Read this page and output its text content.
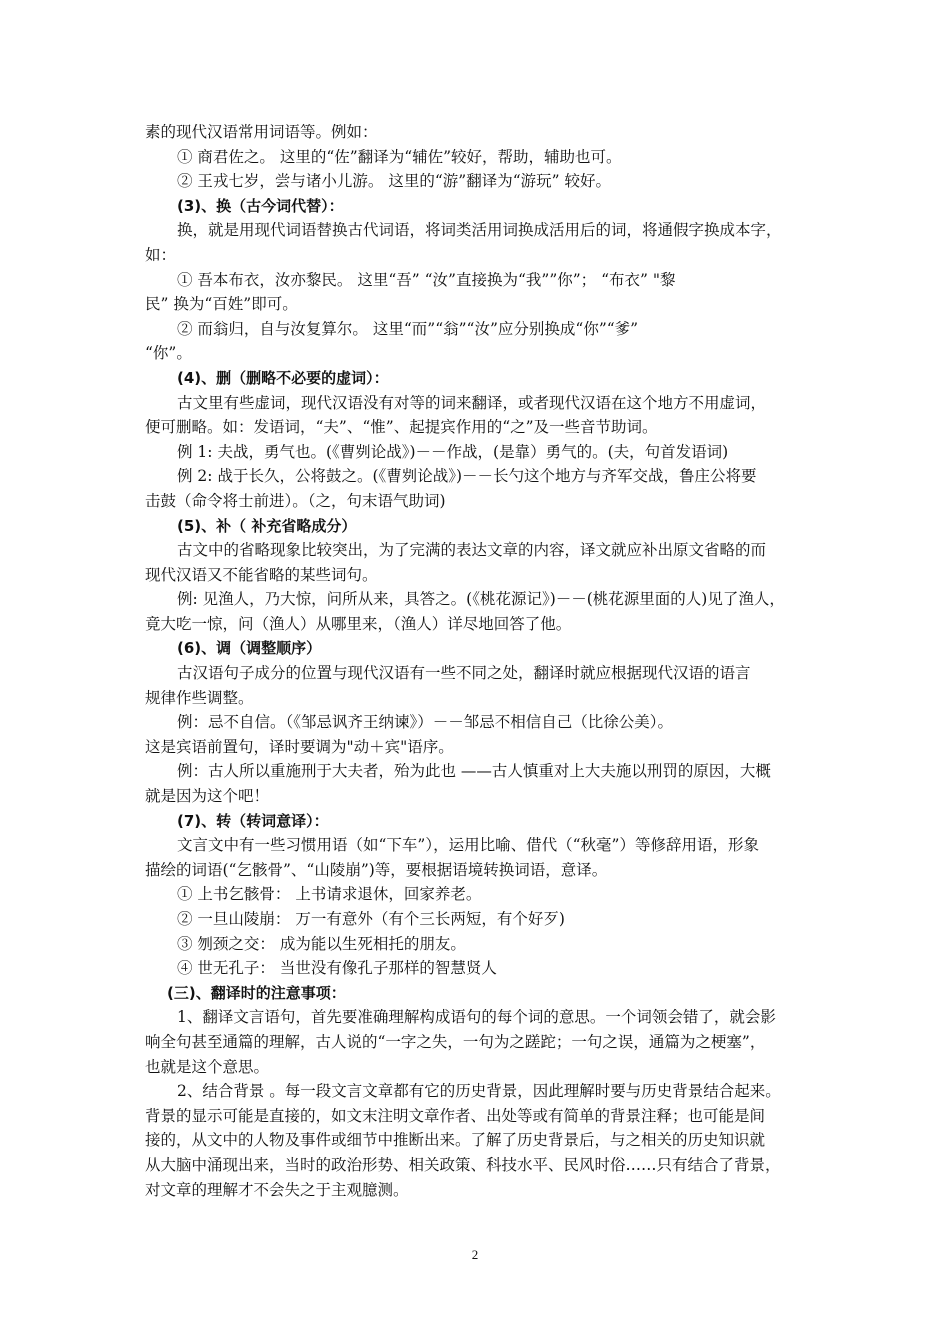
素的现代汉语常用词语等。例如：
① 商君佐之。 这里的“佐”翻译为“辅佐”较好，帮助，辅助也可。
② 王戎七岁，尝与诸小儿游。 这里的“游”翻译为“游玩” 较好。
(3)、换（古今词代替）：
换，就是用现代词语替换古代词语，将词类活用词换成活用后的词，将通假字换成本字，
如：
① 吾本布衣，汝亦黎民。 这里“吾” “汝”直接换为“我””你”； “布衣” "黎
民” 换为“百姓”即可。
② 而翁归，自与汝复算尔。 这里“而”“翁”“汝”应分别换成“你”“爹”
“你”。
(4)、删（删略不必要的虚词）：
古文里有些虚词，现代汉语没有对等的词来翻译，或者现代汉语在这个地方不用虚词，
便可删略。如：发语词，“夫”、“惟”、起提宾作用的“之”及一些音节助词。
例 1: 夫战，勇气也。(《曹刿论战》)－－作战，(是靠）勇气的。(夫，句首发语词)
例 2: 战于长久，公将鼓之。(《曹刿论战》)－－长勺这个地方与齐军交战，鲁庄公将要
击鼓（命令将士前进）。（之，句末语气助词)
(5)、补（ 补充省略成分）
古文中的省略现象比较突出，为了完满的表达文章的内容，译文就应补出原文省略的而
现代汉语又不能省略的某些词句。
例: 见渔人，乃大惊，问所从来，具答之。(《桃花源记》)－－(桃花源里面的人)见了渔人，
竟大吃一惊，问（渔人）从哪里来，（渔人）详尽地回答了他。
(6)、调（调整顺序）
古汉语句子成分的位置与现代汉语有一些不同之处，翻译时就应根据现代汉语的语言
规律作些调整。
例：忌不自信。（《邹忌讽齐王纳谏》）－－邹忌不相信自己（比徐公美）。
这是宾语前置句，译时要调为"动＋宾"语序。
例：古人所以重施刑于大夫者，殆为此也 ——古人慎重对上大夫施以刑罚的原因，大概
就是因为这个吧！
(7)、转（转词意译）：
文言文中有一些习惯用语（如“下车”），运用比喻、借代（“秋毫”）等修辞用语，形象
描绘的词语(“乞骸骨”、“山陵崩”)等，要根据语境转换词语，意译。
① 上书乞骸骨： 上书请求退休，回家养老。
② 一旦山陵崩： 万一有意外（有个三长两短，有个好歹)
③ 刎颈之交： 成为能以生死相托的朋友。
④ 世无孔子： 当世没有像孔子那样的智慧贤人
(三)、翻译时的注意事项：
1、翻译文言语句，首先要准确理解构成语句的每个词的意思。一个词领会错了，就会影
响全句甚至通篇的理解，古人说的“一字之失，一句为之蹉跎；一句之误，通篇为之梗塞”，
也就是这个意思。
2、结合背景 。每一段文言文章都有它的历史背景，因此理解时要与历史背景结合起来。
背景的显示可能是直接的，如文末注明文章作者、出处等或有简单的背景注释；也可能是间
接的，从文中的人物及事件或细节中推断出来。了解了历史背景后，与之相关的历史知识就
从大脑中涌现出来，当时的政治形势、相关政策、科技水平、民风时俗……只有结合了背景，
对文章的理解才不会失之于主观臆测。
2
